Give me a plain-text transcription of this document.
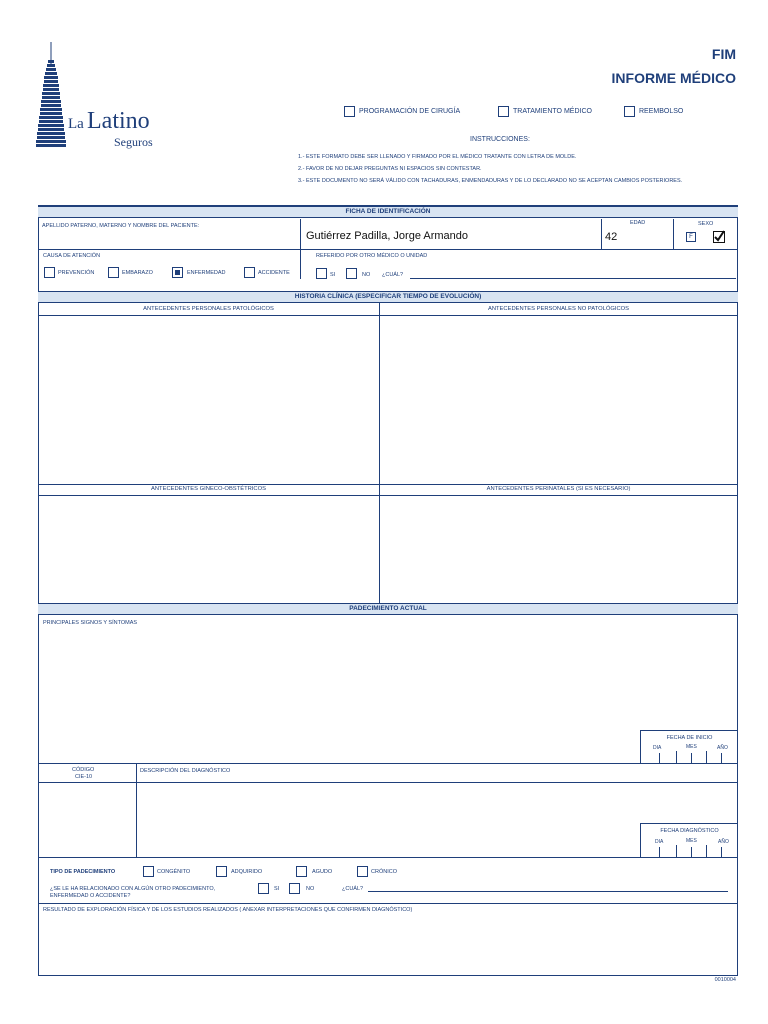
La Latino
Seguros
FIM
INFORME MÉDICO
PROGRAMACIÓN DE CIRUGÍA	TRATAMIENTO MÉDICO	REEMBOLSO
INSTRUCCIONES:
1.- ESTE FORMATO DEBE SER LLENADO Y FIRMADO POR EL MÉDICO TRATANTE CON LETRA DE MOLDE.
2.- FAVOR DE NO DEJAR PREGUNTAS NI ESPACIOS SIN CONTESTAR.
3.- ESTE DOCUMENTO NO SERÁ VÁLIDO CON TACHADURAS, ENMENDADURAS Y DE LO DECLARADO NO SE ACEPTAN CAMBIOS POSTERIORES.
FICHA DE IDENTIFICACIÓN
APELLIDO PATERNO, MATERNO Y NOMBRE DEL PACIENTE:
Gutiérrez Padilla, Jorge Armando
EDAD
42
SEXO
F
CAUSA DE ATENCIÓN
PREVENCIÓN	EMBARAZO	ENFERMEDAD	ACCIDENTE
REFERIDO POR OTRO MÉDICO O UNIDAD
SI	NO ¿CUÁL?
HISTORIA CLÍNICA (ESPECIFICAR TIEMPO DE EVOLUCIÓN)
ANTECEDENTES PERSONALES PATOLÓGICOS	ANTECEDENTES PERSONALES NO PATOLÓGICOS
ANTECEDENTES GINECO-OBSTÉTRICOS	ANTECEDENTES PERINATALES (SI ES NECESARIO)
PADECIMIENTO ACTUAL
PRINCIPALES SIGNOS Y SÍNTOMAS
FECHA DE INICIO
DIA	MES	AÑO
CÓDIGO
CIE-10
DESCRIPCIÓN DEL DIAGNÓSTICO
FECHA DIAGNÓSTICO
DIA	MES	AÑO
TIPO DE PADECIMIENTO	CONGÉNITO	ADQUIRIDO	AGUDO	CRÓNICO
¿SE LE HA RELACIONADO CON ALGÚN OTRO PADECIMIENTO,
ENFERMEDAD O ACCIDENTE?
SI	NO	¿CUÁL?
RESULTADO DE EXPLORACIÓN FÍSICA Y DE LOS ESTUDIOS REALIZADOS ( ANEXAR INTERPRETACIONES QUE CONFIRMEN DIAGNÓSTICO)
0010004
